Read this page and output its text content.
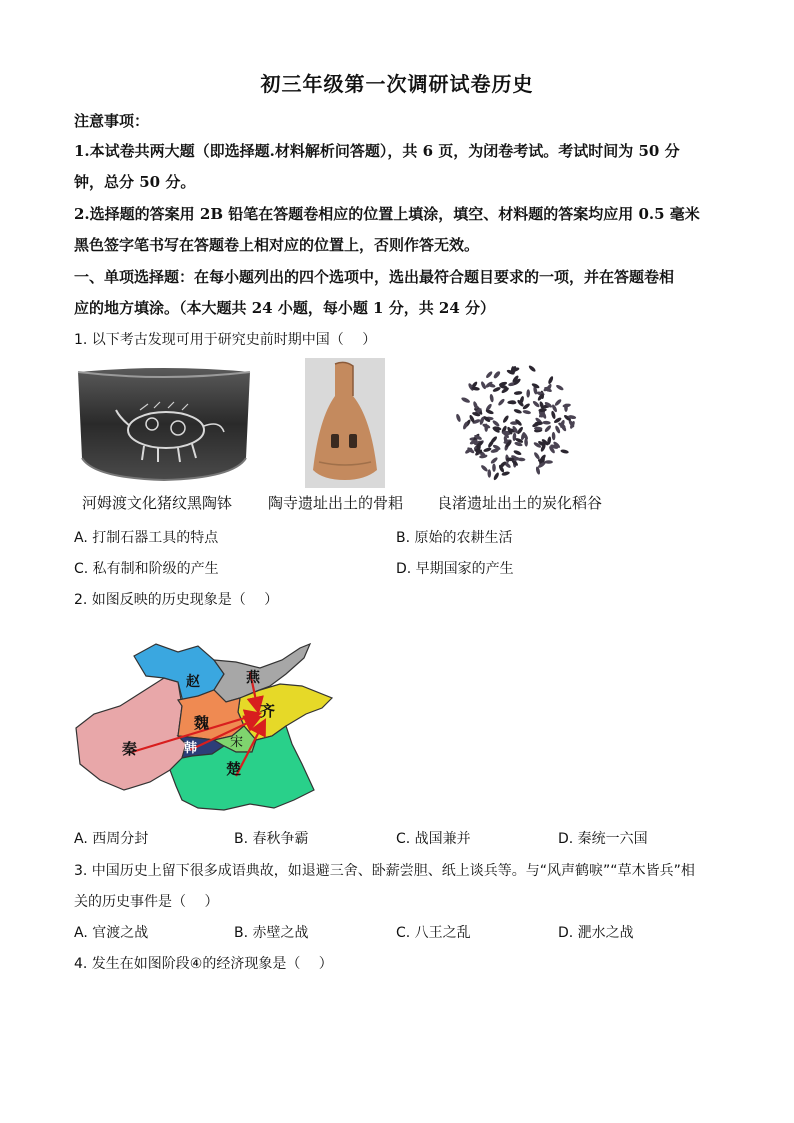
初三年级第一次调研试卷历史
注意事项：
1.本试卷共两大题（即选择题.材料解析问答题），共 6 页，为闭卷考试。考试时间为 50 分
钟，总分 50 分。
2.选择题的答案用 2B 铅笔在答题卷相应的位置上填涂，填空、材料题的答案均应用 0.5 毫米
黑色签字笔书写在答题卷上相对应的位置上，否则作答无效。
一、单项选择题：在每小题列出的四个选项中，选出最符合题目要求的一项，并在答题卷相
应的地方填涂。（本大题共 24 小题，每小题 1 分，共 24 分）
1. 以下考古发现可用于研究史前时期中国（　 ）
河姆渡文化猪纹黑陶钵 陶寺遗址出土的骨耜 良渚遗址出土的炭化稻谷
A. 打制石器工具的特点	B. 原始的农耕生活
C. 私有制和阶级的产生	D. 早期国家的产生
2. 如图反映的历史现象是（　 ）
赵	燕
齐
魏
秦	韩	宋
楚
A. 西周分封	B. 春秋争霸	C. 战国兼并	D. 秦统一六国
3. 中国历史上留下很多成语典故，如退避三舍、卧薪尝胆、纸上谈兵等。与“风声鹤唳”“草木皆兵”相
关的历史事件是（　 ）
A. 官渡之战	B. 赤壁之战	C. 八王之乱	D. 淝水之战
4. 发生在如图阶段④的经济现象是（　 ）
